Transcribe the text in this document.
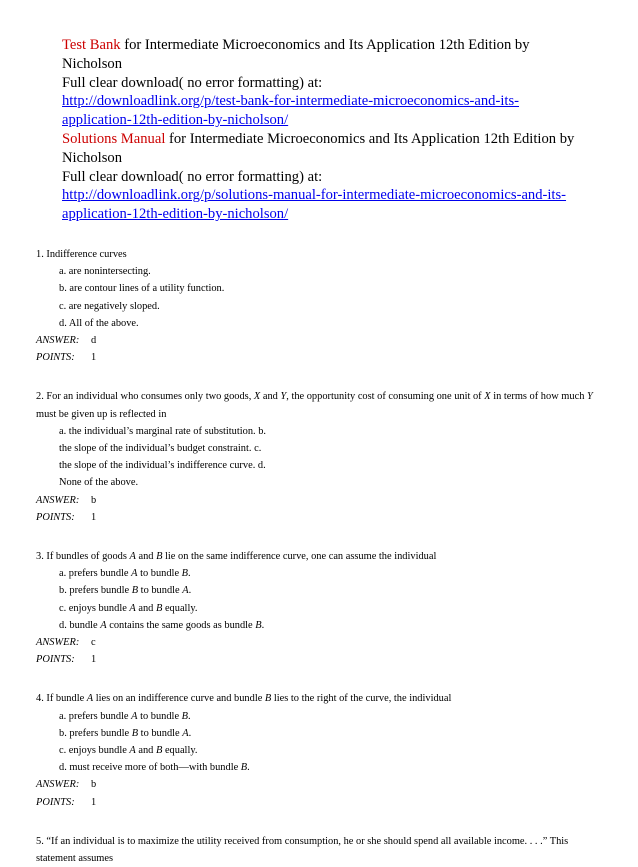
Test Bank for Intermediate Microeconomics and Its Application 12th Edition by Nicholson

Full clear download( no error formatting) at:

http://downloadlink.org/p/test-bank-for-intermediate-microeconomics-and-its-application-12th-edition-by-nicholson/

Solutions Manual for Intermediate Microeconomics and Its Application 12th Edition by Nicholson

Full clear download( no error formatting) at:

http://downloadlink.org/p/solutions-manual-for-intermediate-microeconomics-and-its-application-12th-edition-by-nicholson/

1. Indifference curves

a. are nonintersecting.

b. are contour lines of a utility function.

c. are negatively sloped.

d. All of the above.

ANSWER: d

POINTS: 1

2. For an individual who consumes only two goods, X and Y, the opportunity cost of consuming one unit of X in terms of how much Y must be given up is reflected in

a. the individual’s marginal rate of substitution. b.

the slope of the individual’s budget constraint. c.

the slope of the individual’s indifference curve. d.

None of the above.

ANSWER: b

POINTS: 1

3. If bundles of goods A and B lie on the same indifference curve, one can assume the individual

a. prefers bundle A to bundle B.

b. prefers bundle B to bundle A.

c. enjoys bundle A and B equally.

d. bundle A contains the same goods as bundle B.

ANSWER: c

POINTS: 1

4. If bundle A lies on an indifference curve and bundle B lies to the right of the curve, the individual

a. prefers bundle A to bundle B.

b. prefers bundle B to bundle A.

c. enjoys bundle A and B equally.

d. must receive more of both—with bundle B.

ANSWER: b

POINTS: 1

5. “If an individual is to maximize the utility received from consumption, he or she should spend all available income. . . .” This statement assumes
